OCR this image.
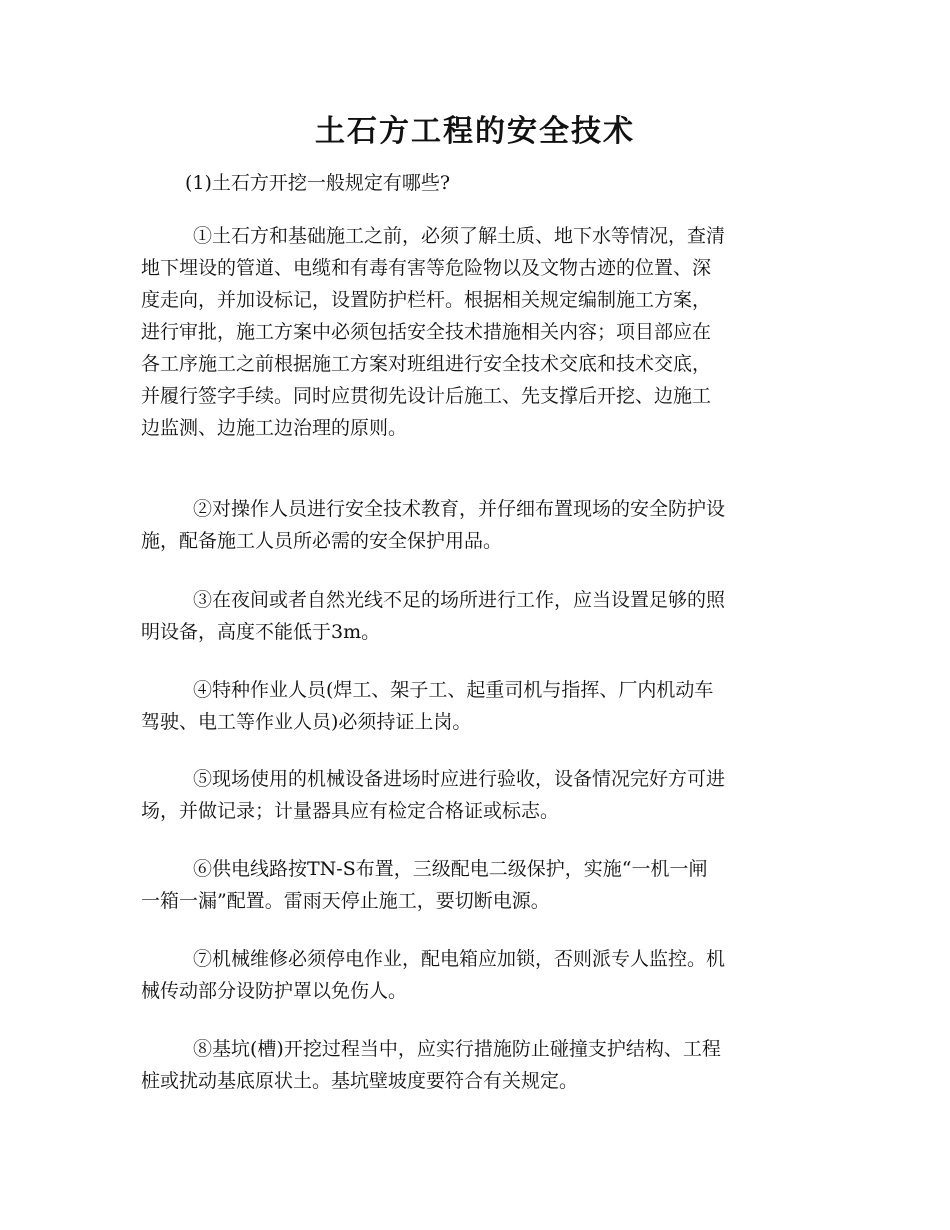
土石方工程的安全技术

(1)土石方开挖一般规定有哪些?

①土石方和基础施工之前，必须了解土质、地下水等情况，查清
地下埋设的管道、电缆和有毒有害等危险物以及文物古迹的位置、深
度走向，并加设标记，设置防护栏杆。根据相关规定编制施工方案，
进行审批，施工方案中必须包括安全技术措施相关内容；项目部应在
各工序施工之前根据施工方案对班组进行安全技术交底和技术交底，
并履行签字手续。同时应贯彻先设计后施工、先支撑后开挖、边施工
边监测、边施工边治理的原则。

②对操作人员进行安全技术教育，并仔细布置现场的安全防护设
施，配备施工人员所必需的安全保护用品。

③在夜间或者自然光线不足的场所进行工作，应当设置足够的照
明设备，高度不能低于3m。

④特种作业人员(焊工、架子工、起重司机与指挥、厂内机动车
驾驶、电工等作业人员)必须持证上岗。

⑤现场使用的机械设备进场时应进行验收，设备情况完好方可进
场，并做记录；计量器具应有检定合格证或标志。

⑥供电线路按TN-S布置，三级配电二级保护，实施“一机一闸
一箱一漏”配置。雷雨天停止施工，要切断电源。

⑦机械维修必须停电作业，配电箱应加锁，否则派专人监控。机
械传动部分设防护罩以免伤人。

⑧基坑(槽)开挖过程当中，应实行措施防止碰撞支护结构、工程
桩或扰动基底原状土。基坑壁坡度要符合有关规定。
